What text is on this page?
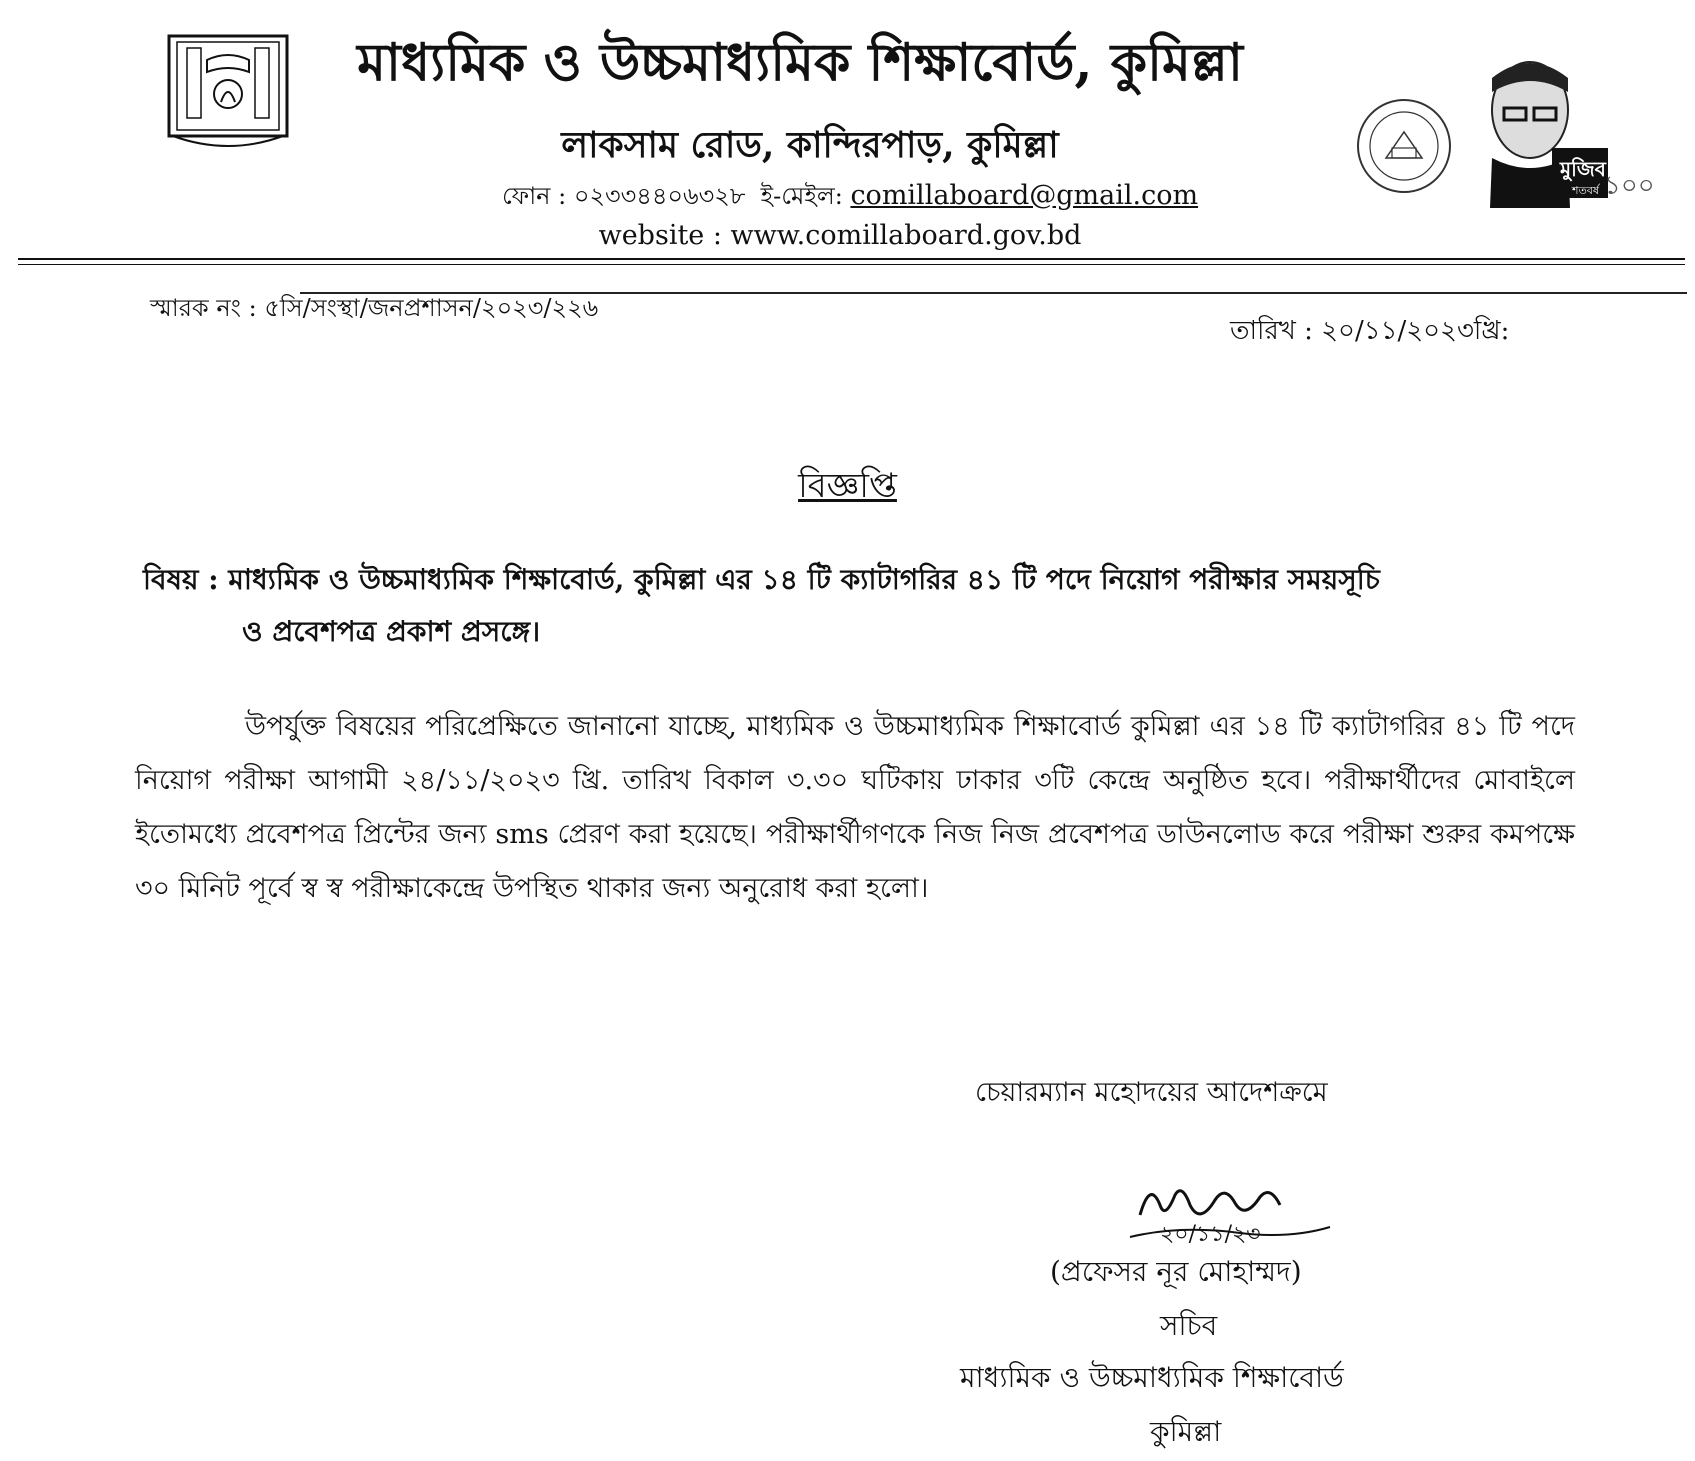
মাধ্যমিক ও উচ্চমাধ্যমিক শিক্ষাবোর্ড, কুমিল্লা
লাকসাম রোড, কান্দিরপাড়, কুমিল্লা
ফোন : ০২৩৩৪৪০৬৩২৮ ই-মেইল: comillaboard@gmail.com
website : www.comillaboard.gov.bd
মুজিব
শতবর্ষ ১০০
স্মারক নং : ৫সি/সংস্থা/জনপ্রশাসন/২০২৩/২২৬
তারিখ : ২০/১১/২০২৩খ্রি:
বিজ্ঞপ্তি
বিষয় : মাধ্যমিক ও উচ্চমাধ্যমিক শিক্ষাবোর্ড, কুমিল্লা এর ১৪ টি ক্যাটাগরির ৪১ টি পদে নিয়োগ পরীক্ষার সময়সূচি
ও প্রবেশপত্র প্রকাশ প্রসঙ্গে।
উপর্যুক্ত বিষয়ের পরিপ্রেক্ষিতে জানানো যাচ্ছে, মাধ্যমিক ও উচ্চমাধ্যমিক শিক্ষাবোর্ড কুমিল্লা এর ১৪ টি ক্যাটাগরির ৪১ টি পদে নিয়োগ পরীক্ষা আগামী ২৪/১১/২০২৩ খ্রি. তারিখ বিকাল ৩.৩০ ঘটিকায় ঢাকার ৩টি কেন্দ্রে অনুষ্ঠিত হবে। পরীক্ষার্থীদের মোবাইলে ইতোমধ্যে প্রবেশপত্র প্রিন্টের জন্য sms প্রেরণ করা হয়েছে। পরীক্ষার্থীগণকে নিজ নিজ প্রবেশপত্র ডাউনলোড করে পরীক্ষা শুরুর কমপক্ষে ৩০ মিনিট পূর্বে স্ব স্ব পরীক্ষাকেন্দ্রে উপস্থিত থাকার জন্য অনুরোধ করা হলো।
চেয়ারম্যান মহোদয়ের আদেশক্রমে
২০/১১/২৩
(প্রফেসর নূর মোহাম্মদ)
সচিব
মাধ্যমিক ও উচ্চমাধ্যমিক শিক্ষাবোর্ড
কুমিল্লা
